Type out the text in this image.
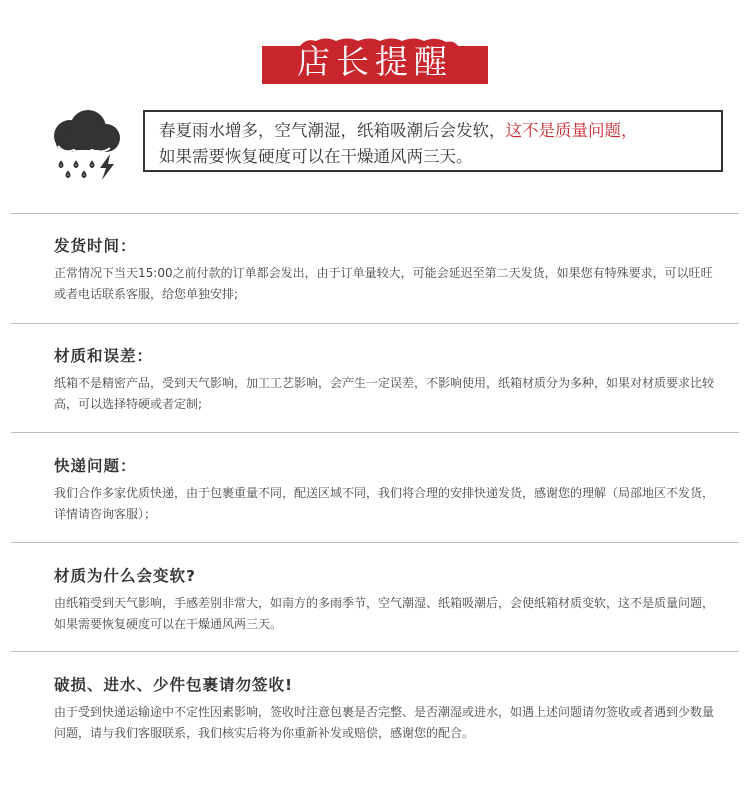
店长提醒
春夏雨水增多，空气潮湿，纸箱吸潮后会发软，这不是质量问题，
如果需要恢复硬度可以在干燥通风两三天。
发货时间：

正常情况下当天15:00之前付款的订单都会发出，由于订单量较大，可能会延迟至第二天发货，如果您有特殊要求，可以旺旺或者电话联系客服，给您单独安排;

材质和误差：

纸箱不是精密产品，受到天气影响，加工工艺影响，会产生一定误差，不影响使用，纸箱材质分为多种，如果对材质要求比较高，可以选择特硬或者定制;

快递问题：

我们合作多家优质快递，由于包裹重量不同，配送区域不同，我们将合理的安排快递发货，感谢您的理解（局部地区不发货，详情请咨询客服）；

材质为什么会变软?

由纸箱受到天气影响，手感差别非常大，如南方的多雨季节，空气潮湿、纸箱吸潮后，会使纸箱材质变软，这不是质量问题， 如果需要恢复硬度可以在干燥通风两三天。

破损、进水、少件包裹请勿签收!

由于受到快递运输途中不定性因素影响，签收时注意包裹是否完整、是否潮湿或进水，如遇上述问题请勿签收或者遇到少数量问题，请与我们客服联系，我们核实后将为你重新补发或赔偿，感谢您的配合。
